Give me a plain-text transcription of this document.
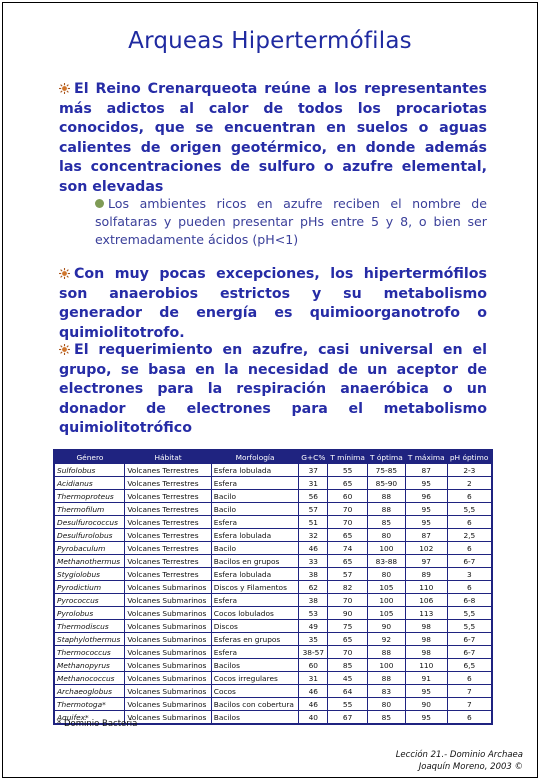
Arqueas Hipertermófilas
El Reino Crenarqueota reúne a los representantes más adictos al calor de todos los procariotas conocidos, que se encuentran en suelos o aguas calientes de origen geotérmico, en donde además las concentraciones de sulfuro o azufre elemental, son elevadas
Los ambientes ricos en azufre reciben el nombre de solfataras y pueden presentar pHs entre 5 y 8, o bien ser extremadamente ácidos (pH<1)
Con muy pocas excepciones, los hipertermófilos son anaerobios estrictos y su metabolismo generador de energía es quimioorganotrofo o quimiolitotrofo.
El requerimiento en azufre, casi universal en el grupo, se basa en la necesidad de un aceptor de electrones para la respiración anaeróbica o un donador de electrones para el metabolismo quimiolitotrófico
Género	Hábitat	Morfología	G+C%	T mínima	T óptima	T máxima	pH óptimo
Sulfolobus	Volcanes Terrestres	Esfera lobulada	37	55	75-85	87	2-3
Acidianus	Volcanes Terrestres	Esfera	31	65	85-90	95	2
Thermoproteus	Volcanes Terrestres	Bacilo	56	60	88	96	6
Thermofilum	Volcanes Terrestres	Bacilo	57	70	88	95	5,5
Desulfurococcus	Volcanes Terrestres	Esfera	51	70	85	95	6
Desulfurolobus	Volcanes Terrestres	Esfera lobulada	32	65	80	87	2,5
Pyrobaculum	Volcanes Terrestres	Bacilo	46	74	100	102	6
Methanothermus	Volcanes Terrestres	Bacilos en grupos	33	65	83-88	97	6-7
Stygiolobus	Volcanes Terrestres	Esfera lobulada	38	57	80	89	3
Pyrodictium	Volcanes Submarinos	Discos y Filamentos	62	82	105	110	6
Pyrococcus	Volcanes Submarinos	Esfera	38	70	100	106	6-8
Pyrolobus	Volcanes Submarinos	Cocos lobulados	53	90	105	113	5,5
Thermodiscus	Volcanes Submarinos	Discos	49	75	90	98	5,5
Staphylothermus	Volcanes Submarinos	Esferas en grupos	35	65	92	98	6-7
Thermococcus	Volcanes Submarinos	Esfera	38-57	70	88	98	6-7
Methanopyrus	Volcanes Submarinos	Bacilos	60	85	100	110	6,5
Methanococcus	Volcanes Submarinos	Cocos irregulares	31	45	88	91	6
Archaeoglobus	Volcanes Submarinos	Cocos	46	64	83	95	7
Thermotoga*	Volcanes Submarinos	Bacilos con cobertura	46	55	80	90	7
Aquifex*	Volcanes Submarinos	Bacilos	40	67	85	95	6
* Dominio Bacteria
Lección 21.- Dominio Archaea
Joaquín Moreno, 2003 ©
